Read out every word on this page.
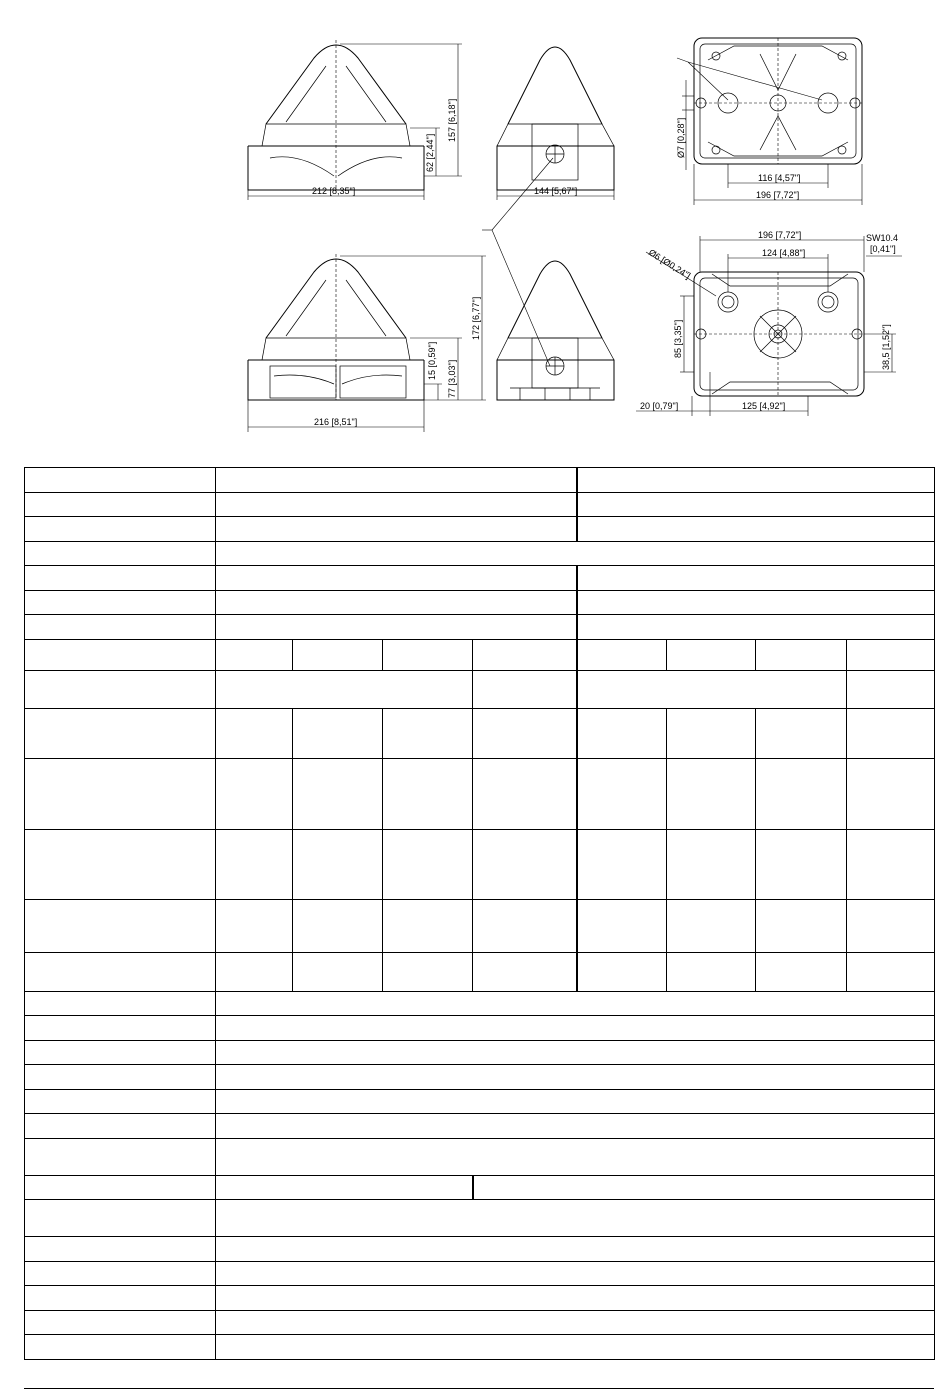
212 [8,35"]
157 [6,18"]
62 [2,44"]
144 [5,67"]
216 [8,51"]
172 [6,77"]
77 [3,03"]
15 [0,59"]
Ø7 [0,28"]
116 [4,57"]
196 [7,72"]
196 [7,72"]
124 [4,88"]
Ø6 [Ø0,24"]
SW10.4
[0,41"]
85 [3,35"]	38,5 [1,52"]
20 [0,79"]	125 [4,92"]
